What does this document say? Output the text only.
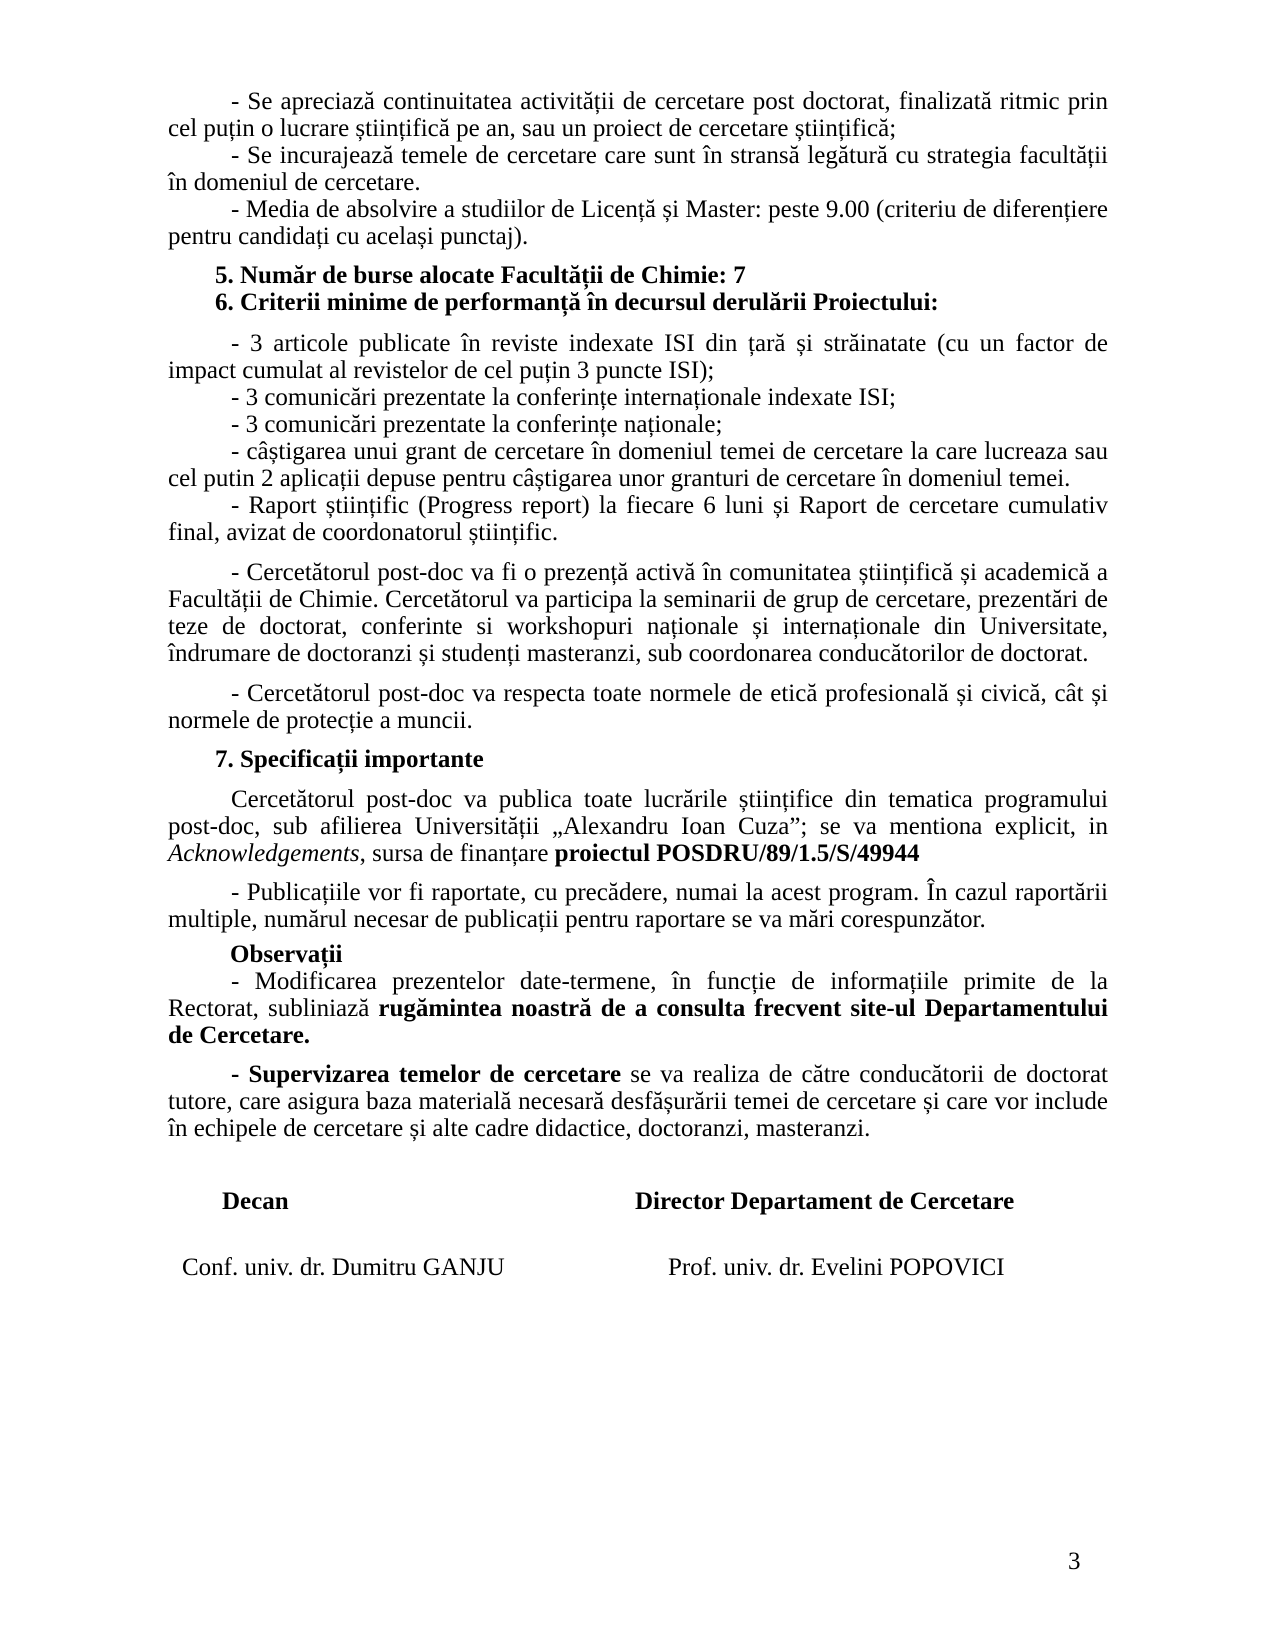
- Se apreciază continuitatea activității de cercetare post doctorat, finalizată ritmic prin cel puțin o lucrare științifică pe an, sau un proiect de cercetare științifică;

- Se incurajează temele de cercetare care sunt în stransă legătură cu strategia facultății în domeniul de cercetare.

- Media de absolvire a studiilor de Licență și Master: peste 9.00 (criteriu de diferențiere pentru candidați cu același punctaj).

5. Număr de burse alocate Facultății de Chimie: 7

6. Criterii minime de performanță în decursul derulării Proiectului:

- 3 articole publicate în reviste indexate ISI din țară și străinatate (cu un factor de impact cumulat al revistelor de cel puțin 3 puncte ISI);

- 3 comunicări prezentate la conferințe internaționale indexate ISI;

- 3 comunicări prezentate la conferințe naționale;

- câștigarea unui grant de cercetare în domeniul temei de cercetare la care lucreaza sau cel putin 2 aplicații depuse pentru câștigarea unor granturi de cercetare în domeniul temei.

- Raport științific (Progress report) la fiecare 6 luni și Raport de cercetare cumulativ final, avizat de coordonatorul științific.

- Cercetătorul post-doc va fi o prezență activă în comunitatea științifică și academică a Facultății de Chimie. Cercetătorul va participa la seminarii de grup de cercetare, prezentări de teze de doctorat, conferinte si workshopuri naționale și internaționale din Universitate, îndrumare de doctoranzi și studenți masteranzi, sub coordonarea conducătorilor de doctorat.

- Cercetătorul post-doc va respecta toate normele de etică profesională și civică, cât și normele de protecție a muncii.

7. Specificații importante

Cercetătorul post-doc va publica toate lucrările științifice din tematica programului post-doc, sub afilierea Universității „Alexandru Ioan Cuza”; se va mentiona explicit, in Acknowledgements, sursa de finanțare proiectul POSDRU/89/1.5/S/49944

- Publicațiile vor fi raportate, cu precădere, numai la acest program. În cazul raportării multiple, numărul necesar de publicații pentru raportare se va mări corespunzător.

Observații

- Modificarea prezentelor date-termene, în funcție de informațiile primite de la Rectorat, subliniază rugămintea noastră de a consulta frecvent site-ul Departamentului de Cercetare.

- Supervizarea temelor de cercetare se va realiza de către conducătorii de doctorat tutore, care asigura baza materială necesară desfășurării temei de cercetare și care vor include în echipele de cercetare și alte cadre didactice, doctoranzi, masteranzi.

Decan	Director Departament de Cercetare
Conf. univ. dr. Dumitru GANJU	Prof. univ. dr. Evelini POPOVICI
3
